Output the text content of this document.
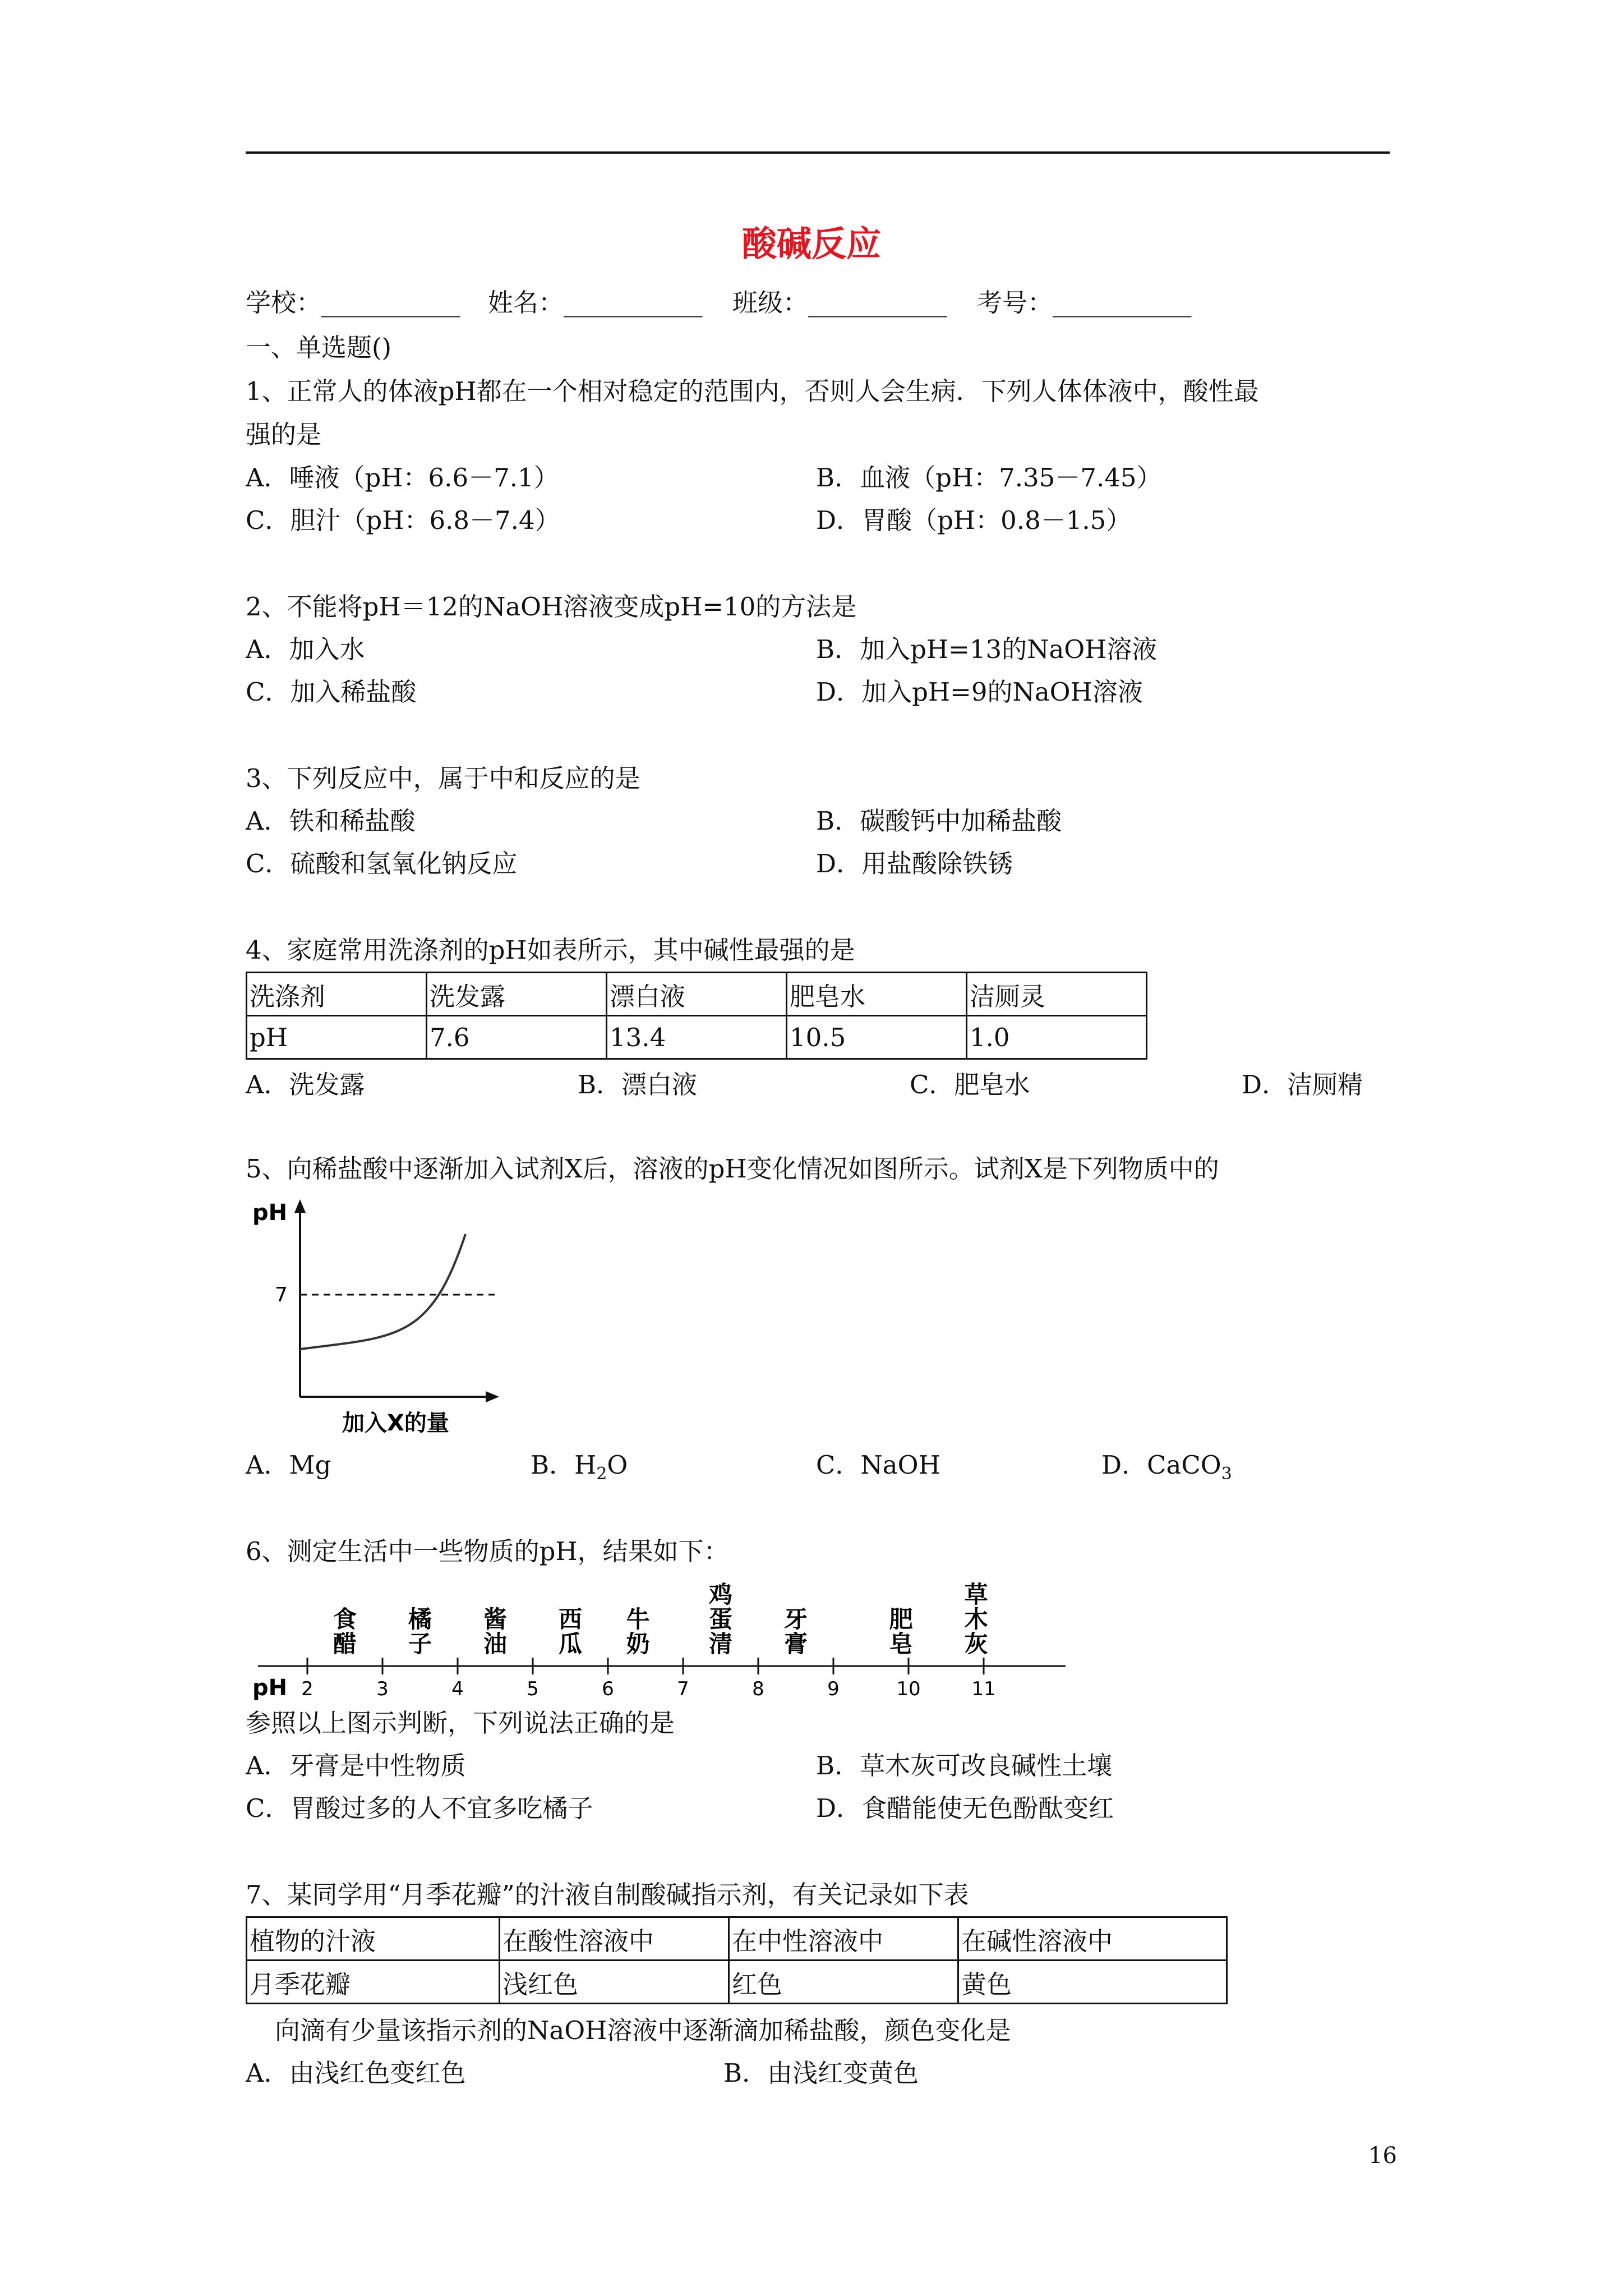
酸碱反应
学校：___________ 姓名：___________ 班级：___________ 考号：___________
一、单选题()
1、正常人的体液pH都在一个相对稳定的范围内，否则人会生病．下列人体体液中，酸性最
强的是
A．唾液（pH：6.6－7.1）	B．血液（pH：7.35－7.45）
C．胆汁（pH：6.8－7.4）	D．胃酸（pH：0.8－1.5）
2、不能将pH＝12的NaOH溶液变成pH=10的方法是
A．加入水	B．加入pH=13的NaOH溶液
C．加入稀盐酸	D．加入pH=9的NaOH溶液
3、下列反应中，属于中和反应的是
A．铁和稀盐酸	B．碳酸钙中加稀盐酸
C．硫酸和氢氧化钠反应	D．用盐酸除铁锈
4、家庭常用洗涤剂的pH如表所示，其中碱性最强的是
洗涤剂	洗发露	漂白液	肥皂水	洁厕灵
pH	7.6	13.4	10.5	1.0
A．洗发露	B．漂白液	C．肥皂水	D．洁厕精
5、向稀盐酸中逐渐加入试剂X后，溶液的pH变化情况如图所示。试剂X是下列物质中的
pH
7
加入X的量
A．Mg	B．$H_2O$	C．NaOH	D．CaCO$_3$
6、测定生活中一些物质的pH，结果如下：
2	3	4	5	6	7	8	9	10	11
食
醋
橘
子
酱
油
西
瓜
牛
奶
鸡
蛋
清
牙
膏
肥
皂
草
木
灰
pH
参照以上图示判断，下列说法正确的是
A．牙膏是中性物质	B．草木灰可改良碱性土壤
C．胃酸过多的人不宜多吃橘子	D．食醋能使无色酚酞变红
7、某同学用“月季花瓣”的汁液自制酸碱指示剂，有关记录如下表
植物的汁液	在酸性溶液中	在中性溶液中	在碱性溶液中
月季花瓣	浅红色	红色	黄色
向滴有少量该指示剂的NaOH溶液中逐渐滴加稀盐酸，颜色变化是
A．由浅红色变红色	B．由浅红变黄色
16
